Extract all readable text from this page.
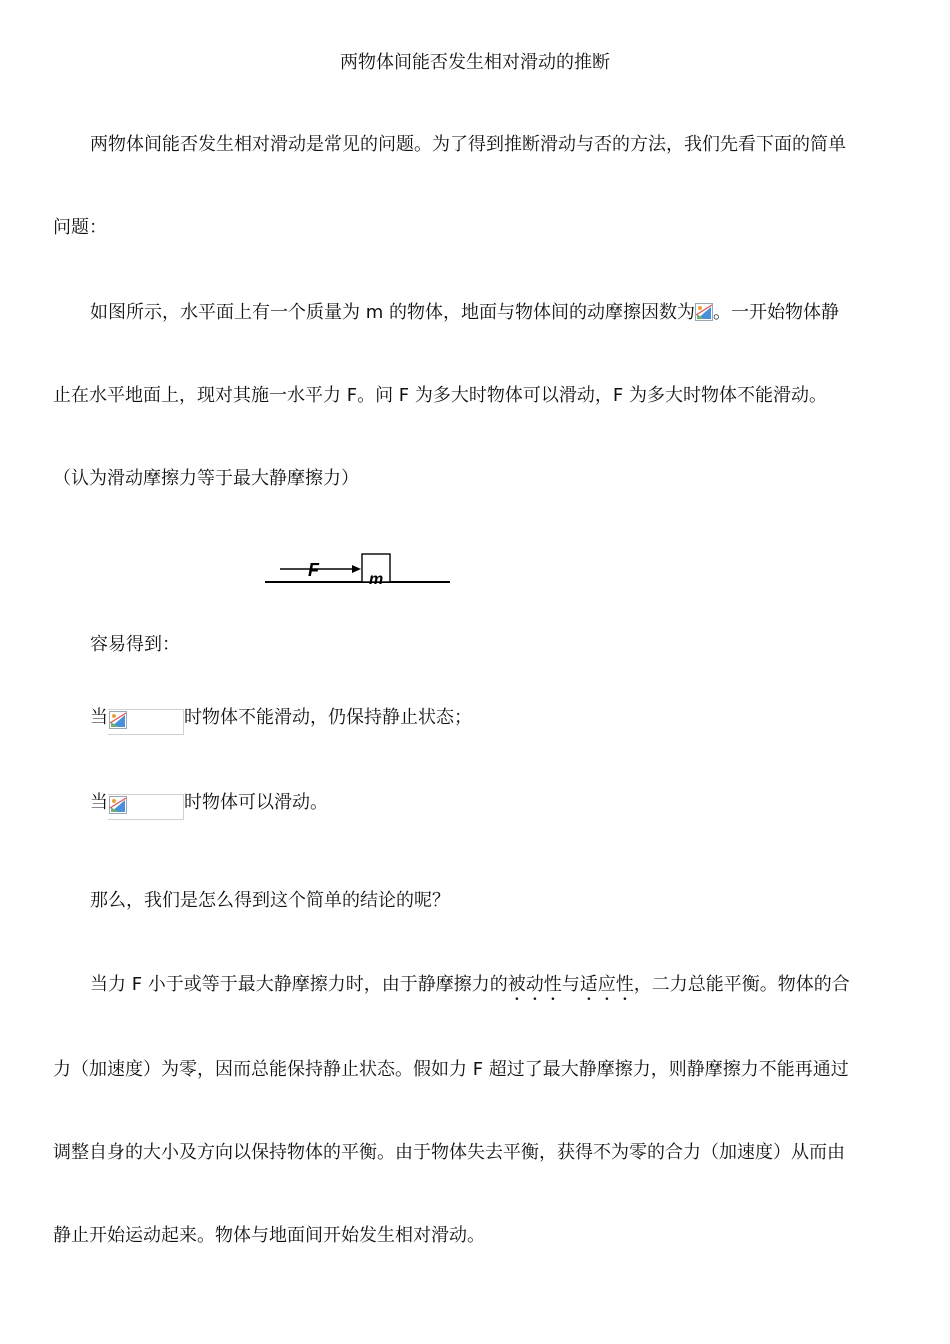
两物体间能否发生相对滑动的推断
两物体间能否发生相对滑动是常见的问题。为了得到推断滑动与否的方法，我们先看下面的简单
问题：
如图所示，水平面上有一个质量为 m 的物体，地面与物体间的动摩擦因数为 。一开始物体静
止在水平地面上，现对其施一水平力 F。问 F 为多大时物体可以滑动，F 为多大时物体不能滑动。
（认为滑动摩擦力等于最大静摩擦力）
F	m
容易得到：
当	时物体不能滑动，仍保持静止状态；
当	时物体可以滑动。
那么，我们是怎么得到这个简单的结论的呢？
当力 F 小于或等于最大静摩擦力时，由于静摩擦力的被动性与适应性，二力总能平衡。物体的合
力（加速度）为零，因而总能保持静止状态。假如力 F 超过了最大静摩擦力，则静摩擦力不能再通过
调整自身的大小及方向以保持物体的平衡。由于物体失去平衡，获得不为零的合力（加速度）从而由
静止开始运动起来。物体与地面间开始发生相对滑动。
